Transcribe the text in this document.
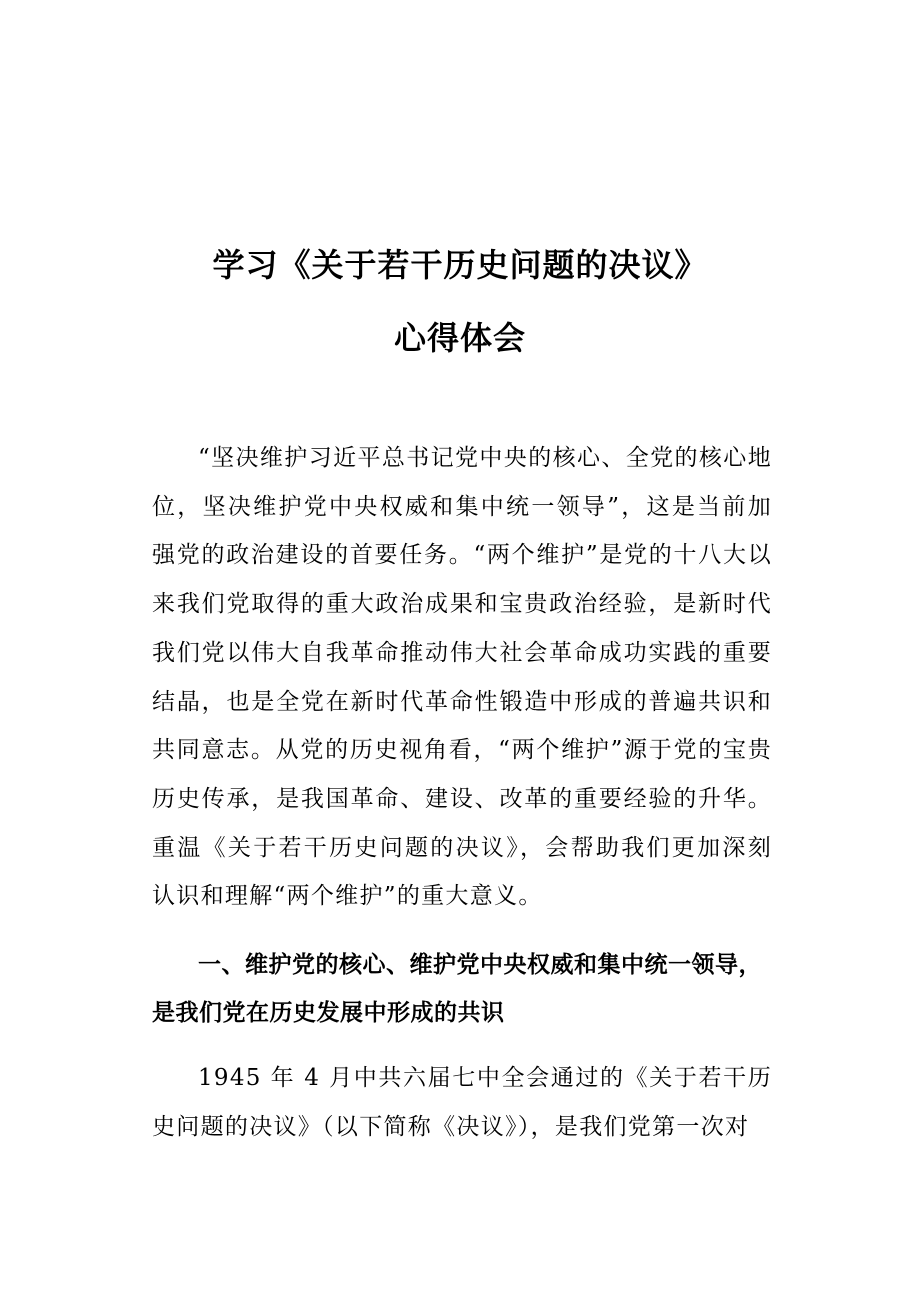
学习《关于若干历史问题的决议》
心得体会

“坚决维护习近平总书记党中央的核心、全党的核心地位，坚决维护党中央权威和集中统一领导”，这是当前加强党的政治建设的首要任务。“两个维护”是党的十八大以来我们党取得的重大政治成果和宝贵政治经验，是新时代我们党以伟大自我革命推动伟大社会革命成功实践的重要结晶，也是全党在新时代革命性锻造中形成的普遍共识和共同意志。从党的历史视角看，“两个维护”源于党的宝贵历史传承，是我国革命、建设、改革的重要经验的升华。重温《关于若干历史问题的决议》，会帮助我们更加深刻认识和理解“两个维护”的重大意义。

一、维护党的核心、维护党中央权威和集中统一领导，是我们党在历史发展中形成的共识

1945 年 4 月中共六届七中全会通过的《关于若干历史问题的决议》（以下简称《决议》），是我们党第一次对
